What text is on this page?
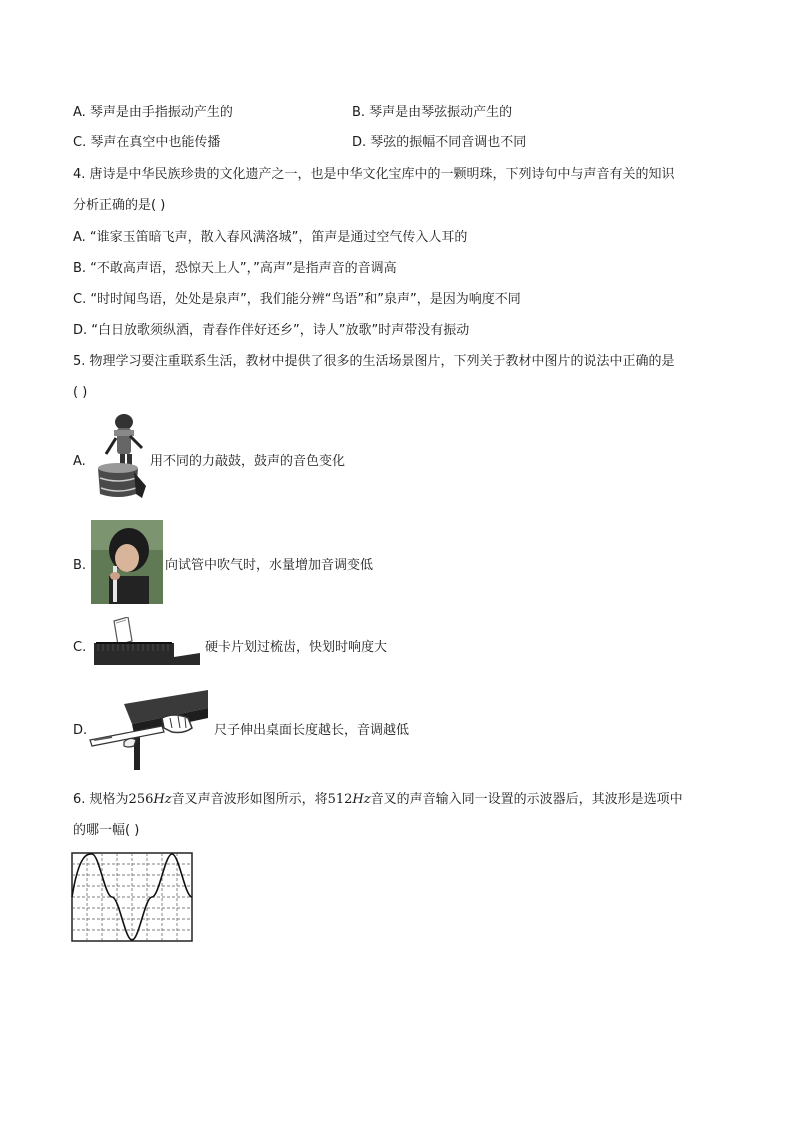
A. 琴声是由手指振动产生的	B. 琴声是由琴弦振动产生的
C. 琴声在真空中也能传播	D. 琴弦的振幅不同音调也不同
4. 唐诗是中华民族珍贵的文化遗产之一，也是中华文化宝库中的一颗明珠，下列诗句中与声音有关的知识
分析正确的是( )
A. “谁家玉笛暗飞声，散入春风满洛城”，笛声是通过空气传入人耳的
B. “不敢高声语，恐惊天上人”，”高声”是指声音的音调高
C. “时时闻鸟语，处处是泉声”，我们能分辨“鸟语”和”泉声”，是因为响度不同
D. “白日放歌须纵酒，青春作伴好还乡”，诗人”放歌”时声带没有振动
5. 物理学习要注重联系生活，教材中提供了很多的生活场景图片，下列关于教材中图片的说法中正确的是
( )
A.	用不同的力敲鼓，鼓声的音色变化
B.	向试管中吹气时，水量增加音调变低
C.	硬卡片划过梳齿，快划时响度大
D.	尺子伸出桌面长度越长，音调越低
6. 规格为256Hz音叉声音波形如图所示，将512Hz音叉的声音输入同一设置的示波器后，其波形是选项中
的哪一幅( )
